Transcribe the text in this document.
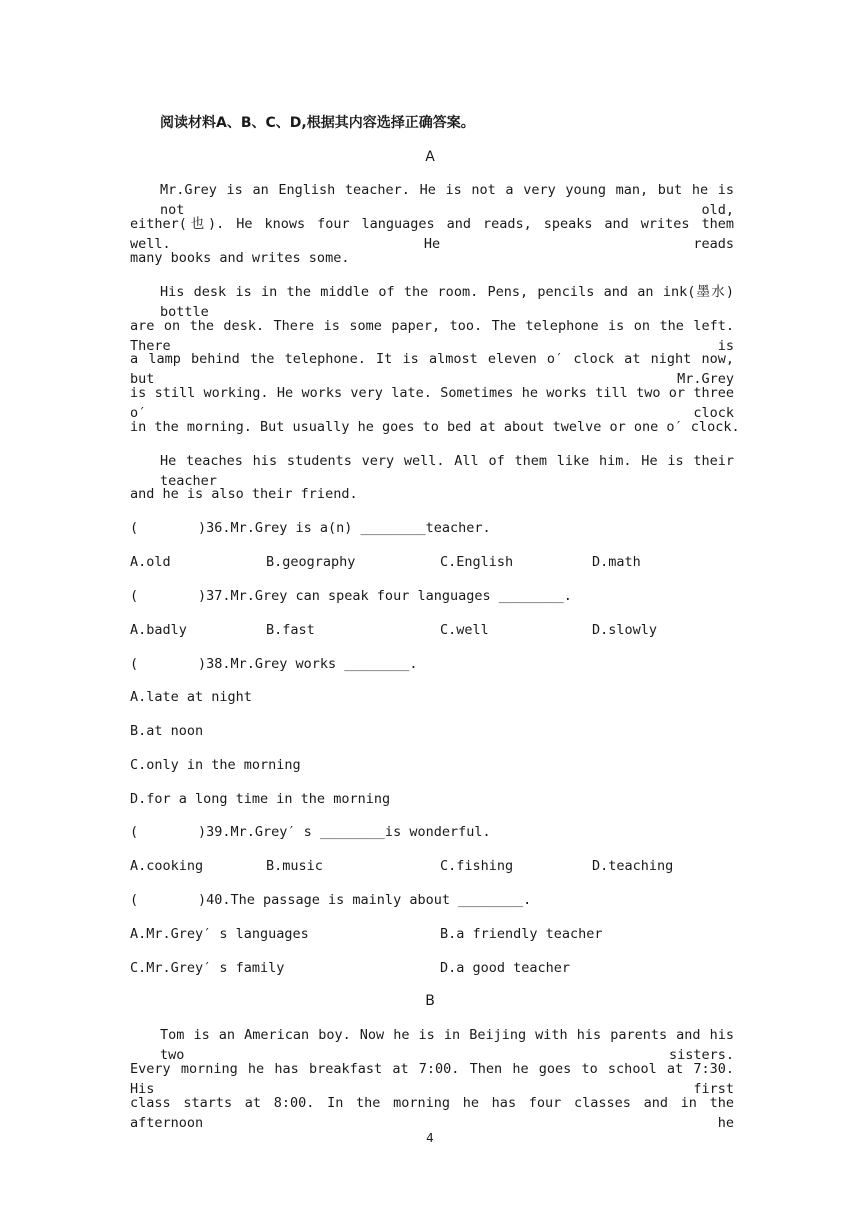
阅读材料A、B、C、D,根据其内容选择正确答案。
A
Mr.Grey is an English teacher. He is not a very young man, but he is not old,
either(也). He knows four languages and reads, speaks and writes them well. He reads
many books and writes some.
His desk is in the middle of the room. Pens, pencils and an ink(墨水) bottle
are on the desk. There is some paper, too. The telephone is on the left. There is
a lamp behind the telephone. It is almost eleven o′ clock at night now, but Mr.Grey
is still working. He works very late. Sometimes he works till two or three o′ clock
in the morning. But usually he goes to bed at about twelve or one o′ clock.
He teaches his students very well. All of them like him. He is their teacher
and he is also their friend.
(	)36.Mr.Grey is a(n) ________teacher.
A.old	B.geography	C.English	D.math
(	)37.Mr.Grey can speak four languages ________.
A.badly	B.fast	C.well	D.slowly
(	)38.Mr.Grey works ________.
A.late at night
B.at noon
C.only in the morning
D.for a long time in the morning
(	)39.Mr.Grey′ s ________is wonderful.
A.cooking	B.music	C.fishing	D.teaching
(	)40.The passage is mainly about ________.
A.Mr.Grey′ s languages	B.a friendly teacher
C.Mr.Grey′ s family	D.a good teacher
B
Tom is an American boy. Now he is in Beijing with his parents and his two sisters.
Every morning he has breakfast at 7:00. Then he goes to school at 7:30. His first
class starts at 8:00. In the morning he has four classes and in the afternoon he
4
